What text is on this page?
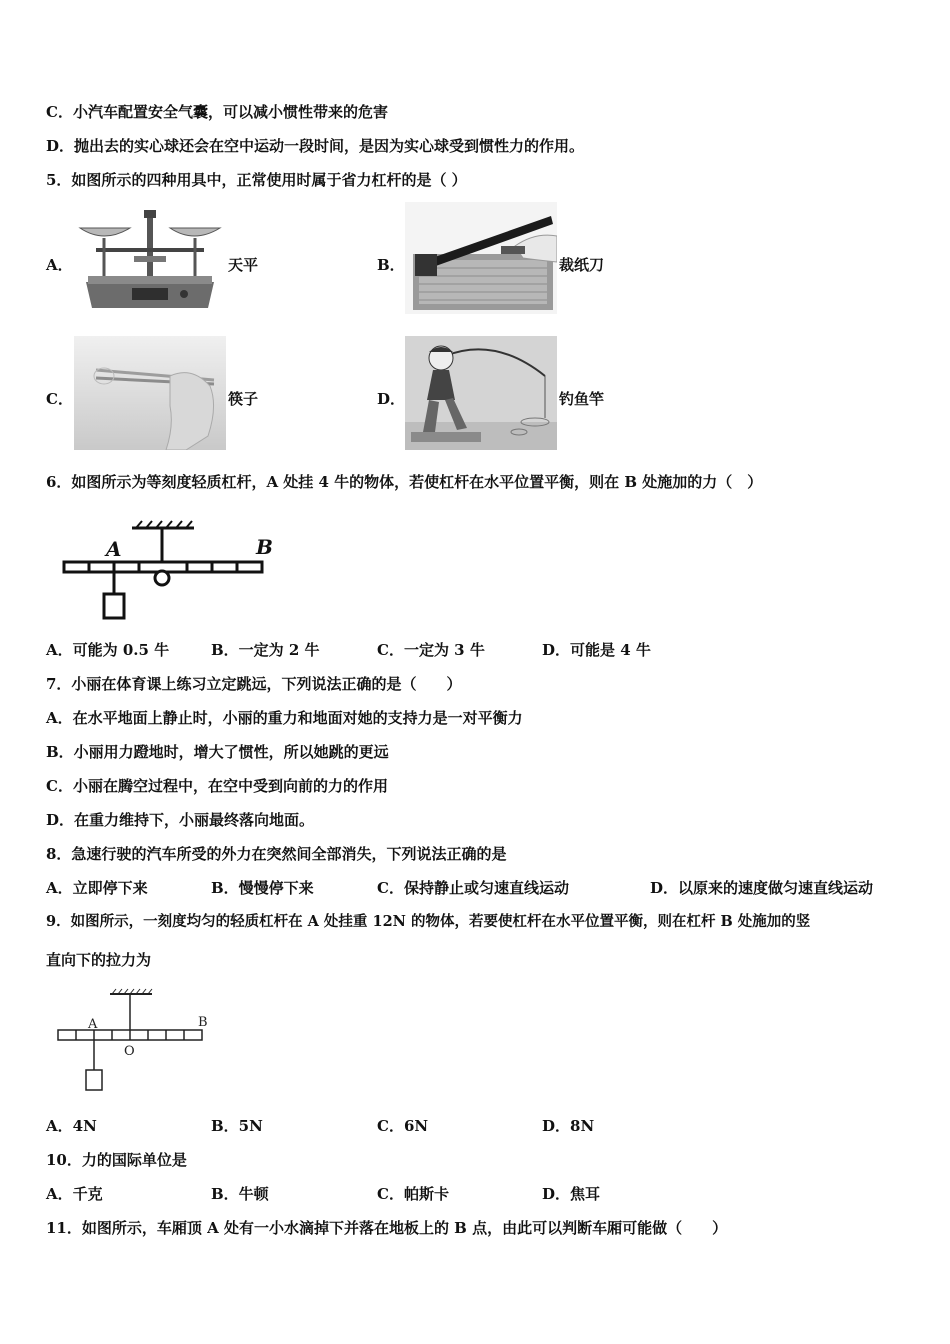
C．小汽车配置安全气囊，可以减小惯性带来的危害
D．抛出去的实心球还会在空中运动一段时间，是因为实心球受到惯性力的作用。
5．如图所示的四种用具中，正常使用时属于省力杠杆的是（ ）
A．	天平	B．	裁纸刀
C．	筷子	D．	钓鱼竿
6．如图所示为等刻度轻质杠杆，A 处挂 4 牛的物体，若使杠杆在水平位置平衡，则在 B 处施加的力（　）
A	B
A．可能为 0.5 牛	B．一定为 2 牛	C．一定为 3 牛	D．可能是 4 牛
7．小丽在体育课上练习立定跳远，下列说法正确的是（　　）
A．在水平地面上静止时，小丽的重力和地面对她的支持力是一对平衡力
B．小丽用力蹬地时，增大了惯性，所以她跳的更远
C．小丽在腾空过程中，在空中受到向前的力的作用
D．在重力维持下，小丽最终落向地面。
8．急速行驶的汽车所受的外力在突然间全部消失，下列说法正确的是
A．立即停下来	B．慢慢停下来	C．保持静止或匀速直线运动	D．以原来的速度做匀速直线运动
9．如图所示，一刻度均匀的轻质杠杆在 A 处挂重 12N 的物体，若要使杠杆在水平位置平衡，则在杠杆 B 处施加的竖
直向下的拉力为
A	B
O
A．4N	B．5N	C．6N	D．8N
10．力的国际单位是
A．千克	B．牛顿	C．帕斯卡	D．焦耳
11．如图所示，车厢顶 A 处有一小水滴掉下并落在地板上的 B 点，由此可以判断车厢可能做（　　）
